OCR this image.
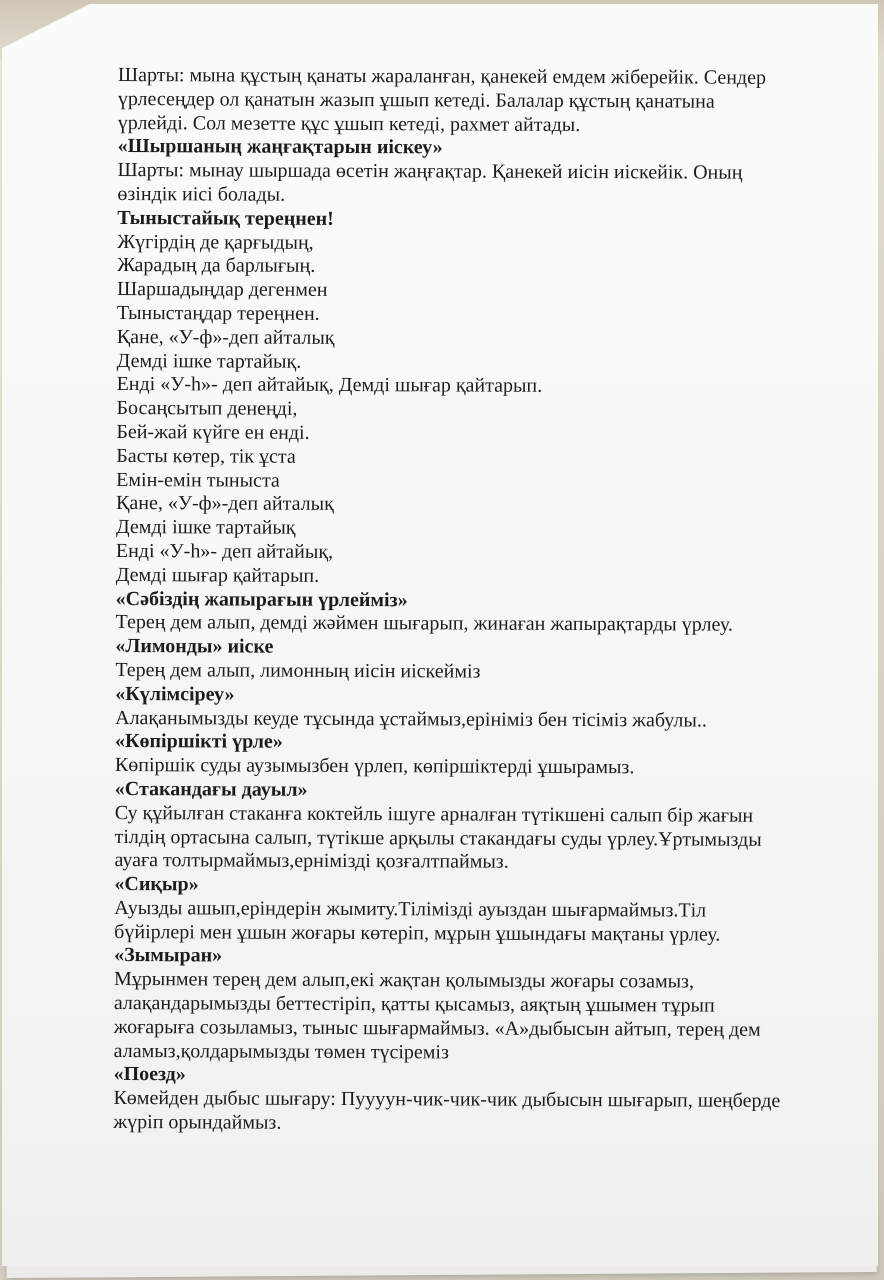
Шарты: мына құстың қанаты жараланған, қанекей емдем жіберейік. Сендер
үрлесеңдер ол қанатын жазып ұшып кетеді. Балалар құстың қанатына
үрлейді. Сол мезетте құс ұшып кетеді, рахмет айтады.
«Шыршаның жаңғақтарын иіскеу»
Шарты: мынау шыршада өсетін жаңғақтар. Қанекей иісін иіскейік. Оның
өзіндік иісі болады.
Тыныстайық тереңнен!
Жүгірдің де қарғыдың,
Жарадың да барлығың.
Шаршадыңдар дегенмен
Тыныстаңдар тереңнен.
Қане, «У-ф»-деп айталық
Демді ішке тартайық.
Енді «У-һ»- деп айтайық, Демді шығар қайтарып.
Босаңсытып денеңді,
Бей-жай күйге ен енді.
Басты көтер, тік ұста
Емін-емін тыныста
Қане, «У-ф»-деп айталық
Демді ішке тартайық
Енді «У-һ»- деп айтайық,
Демді шығар қайтарып.
«Сәбіздің жапырағын үрлейміз»
Терең дем алып, демді жәймен шығарып, жинаған жапырақтарды үрлеу.
«Лимонды» иіске
Терең дем алып, лимонның иісін иіскейміз
«Күлімсіреу»
Алақанымызды кеуде тұсында ұстаймыз,ерініміз бен тісіміз жабулы..
«Көпіршікті үрле»
Көпіршік суды аузымызбен үрлеп, көпіршіктерді ұшырамыз.
«Стакандағы дауыл»
Су құйылған стаканға коктейль ішуге арналған түтікшені салып бір жағын
тілдің ортасына салып, түтікше арқылы стакандағы суды үрлеу.Ұртымызды
ауаға толтырмаймыз,ернімізді қозғалтпаймыз.
«Сиқыр»
Ауызды ашып,еріндерін жымиту.Тілімізді ауыздан шығармаймыз.Тіл
бүйірлері мен ұшын жоғары көтеріп, мұрын ұшындағы мақтаны үрлеу.
«Зымыран»
Мұрынмен терең дем алып,екі жақтан қолымызды жоғары созамыз,
алақандарымызды беттестіріп, қатты қысамыз, аяқтың ұшымен тұрып
жоғарыға созыламыз, тыныс шығармаймыз. «А»дыбысын айтып, терең дем
аламыз,қолдарымызды төмен түсіреміз
«Поезд»
Көмейден дыбыс шығару: Пуууун-чик-чик-чик дыбысын шығарып, шеңберде
жүріп орындаймыз.
